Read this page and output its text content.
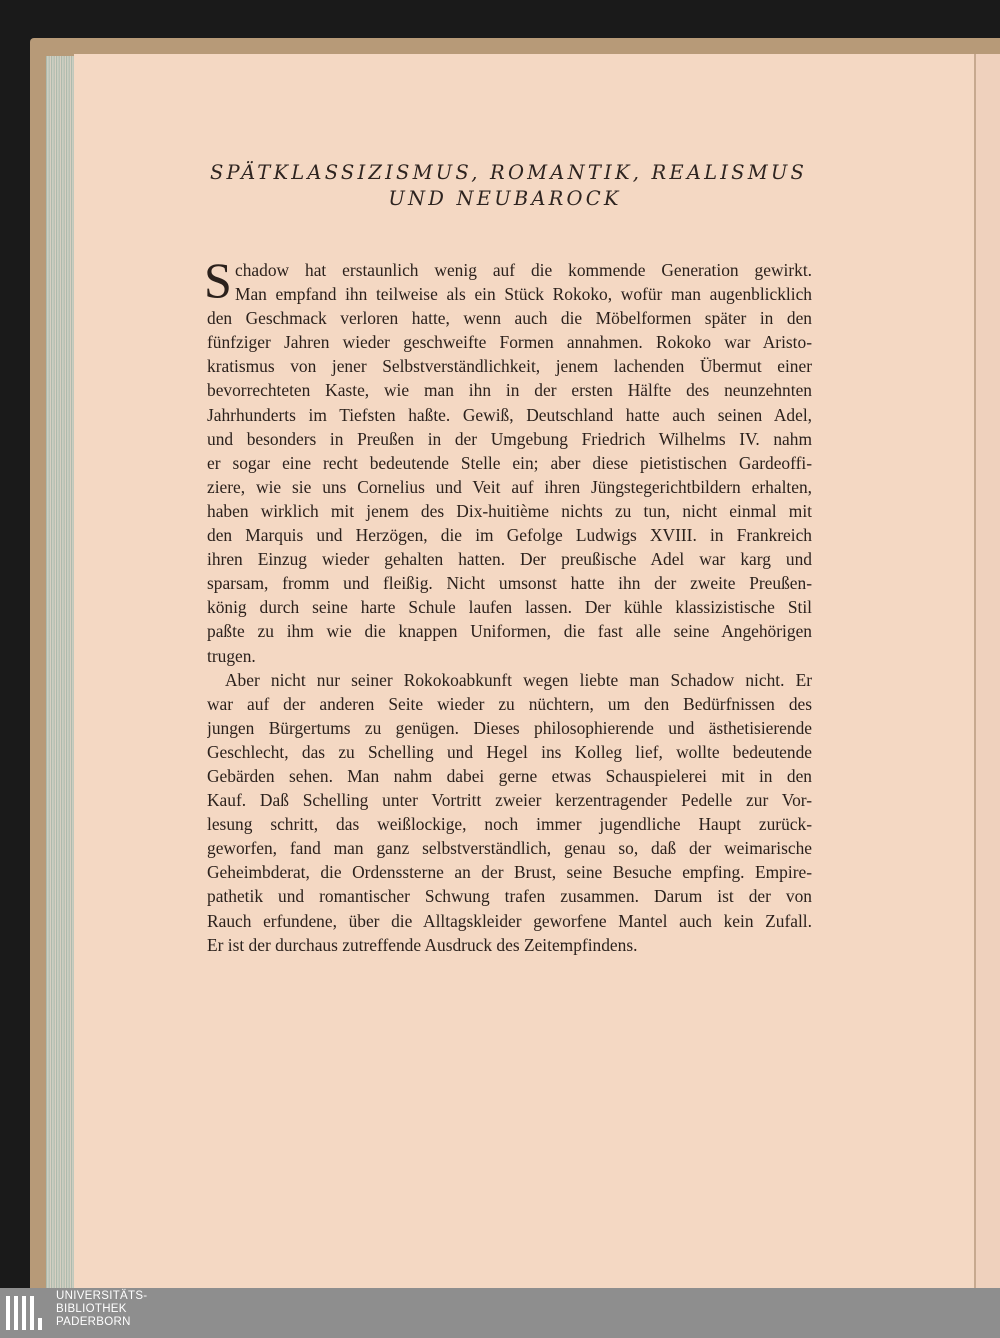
SPÄTKLASSIZISMUS, ROMANTIK, REALISMUS
UND NEUBAROCK
S chadow hat erstaunlich wenig auf die kommende Generation gewirkt.
Man empfand ihn teilweise als ein Stück Rokoko, wofür man augenblicklich
den Geschmack verloren hatte, wenn auch die Möbelformen später in den
fünfziger Jahren wieder geschweifte Formen annahmen. Rokoko war Aristo-
kratismus von jener Selbstverständlichkeit, jenem lachenden Übermut einer
bevorrechteten Kaste, wie man ihn in der ersten Hälfte des neunzehnten
Jahrhunderts im Tiefsten haßte. Gewiß, Deutschland hatte auch seinen Adel,
und besonders in Preußen in der Umgebung Friedrich Wilhelms IV. nahm
er sogar eine recht bedeutende Stelle ein; aber diese pietistischen Gardeoffi-
ziere, wie sie uns Cornelius und Veit auf ihren Jüngstegerichtbildern erhalten,
haben wirklich mit jenem des Dix-huitième nichts zu tun, nicht einmal mit
den Marquis und Herzögen, die im Gefolge Ludwigs XVIII. in Frankreich
ihren Einzug wieder gehalten hatten. Der preußische Adel war karg und
sparsam, fromm und fleißig. Nicht umsonst hatte ihn der zweite Preußen-
könig durch seine harte Schule laufen lassen. Der kühle klassizistische Stil
paßte zu ihm wie die knappen Uniformen, die fast alle seine Angehörigen
trugen.
Aber nicht nur seiner Rokokoabkunft wegen liebte man Schadow nicht. Er
war auf der anderen Seite wieder zu nüchtern, um den Bedürfnissen des
jungen Bürgertums zu genügen. Dieses philosophierende und ästhetisierende
Geschlecht, das zu Schelling und Hegel ins Kolleg lief, wollte bedeutende
Gebärden sehen. Man nahm dabei gerne etwas Schauspielerei mit in den
Kauf. Daß Schelling unter Vortritt zweier kerzentragender Pedelle zur Vor-
lesung schritt, das weißlockige, noch immer jugendliche Haupt zurück-
geworfen, fand man ganz selbstverständlich, genau so, daß der weimarische
Geheimbderat, die Ordenssterne an der Brust, seine Besuche empfing. Empire-
pathetik und romantischer Schwung trafen zusammen. Darum ist der von
Rauch erfundene, über die Alltagskleider geworfene Mantel auch kein Zufall.
Er ist der durchaus zutreffende Ausdruck des Zeitempfindens.
UNIVERSITÄTS-
BIBLIOTHEK
PADERBORN
